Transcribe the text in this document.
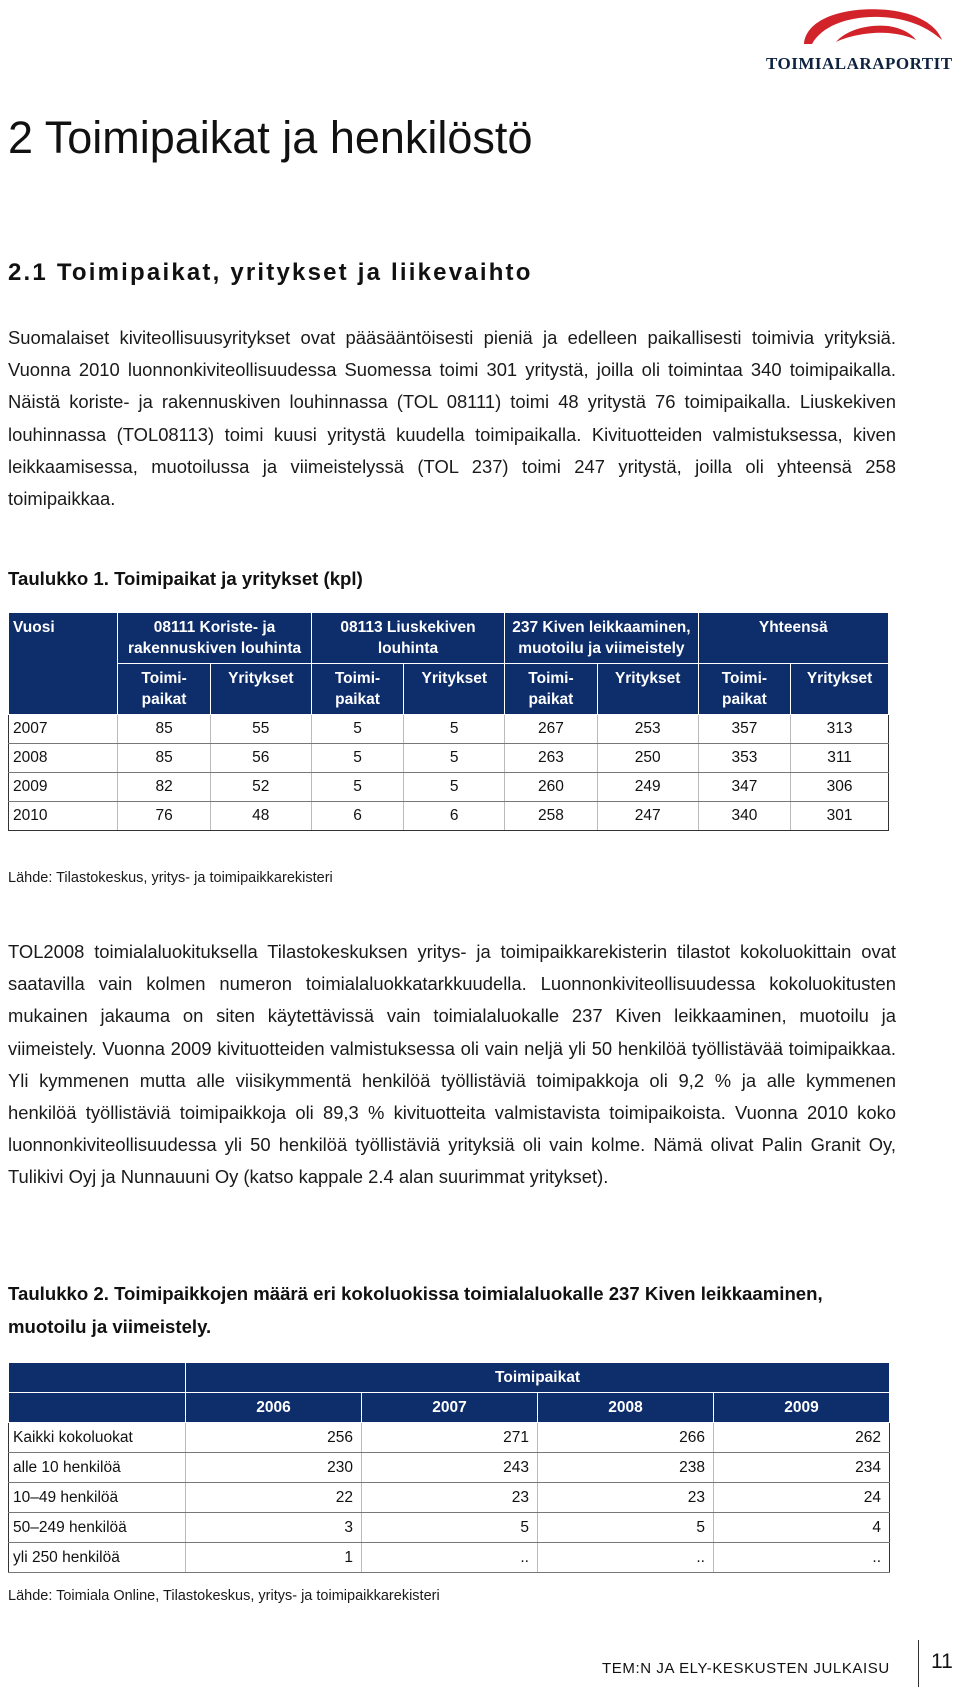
TOIMIALARAPORTIT
2 Toimipaikat ja henkilöstö
2.1 Toimipaikat, yritykset ja liikevaihto

Suomalaiset kiviteollisuusyritykset ovat pääsääntöisesti pieniä ja edelleen paikallisesti toimivia yrityksiä. Vuonna 2010 luonnonkiviteollisuudessa Suomessa toimi 301 yritystä, joilla oli toimintaa 340 toimipaikalla. Näistä koriste- ja rakennuskiven louhinnassa (TOL 08111) toimi 48 yritystä 76 toimipaikalla. Liuskekiven louhinnassa (TOL08113) toimi kuusi yritystä kuudella toimipaikalla. Kivituotteiden valmistuksessa, kiven leikkaamisessa, muotoilussa ja viimeistelyssä (TOL 237) toimi 247 yritystä, joilla oli yhteensä 258 toimipaikkaa.

Taulukko 1. Toimipaikat ja yritykset (kpl)
Vuosi	08111 Koriste- ja rakennuskiven louhinta		08113 Liuskekiven louhinta		237 Kiven leikkaaminen, muotoilu ja viimeistely		Yhteensä	
	Toimi-paikat	Yritykset	Toimi-paikat	Yritykset	Toimi-paikat	Yritykset	Toimi-paikat	Yritykset
2007	85	55	5	5	267	253	357	313
2008	85	56	5	5	263	250	353	311
2009	82	52	5	5	260	249	347	306
2010	76	48	6	6	258	247	340	301
Lähde: Tilastokeskus, yritys- ja toimipaikkarekisteri

TOL2008 toimialaluokituksella Tilastokeskuksen yritys- ja toimipaikkarekisterin tilastot kokoluokittain ovat saatavilla vain kolmen numeron toimialaluokkatarkkuudella. Luonnonkiviteollisuudessa kokoluokitusten mukainen jakauma on siten käytettävissä vain toimialaluokalle 237 Kiven leikkaaminen, muotoilu ja viimeistely. Vuonna 2009 kivituotteiden valmistuksessa oli vain neljä yli 50 henkilöä työllistävää toimipaikkaa. Yli kymmenen mutta alle viisikymmentä henkilöä työllistäviä toimipakkoja oli 9,2 % ja alle kymmenen henkilöä työllistäviä toimipaikkoja oli 89,3 % kivituotteita valmistavista toimipaikoista. Vuonna 2010 koko luonnonkiviteollisuudessa yli 50 henkilöä työllistäviä yrityksiä oli vain kolme. Nämä olivat Palin Granit Oy, Tulikivi Oyj ja Nunnauuni Oy (katso kappale 2.4 alan suurimmat yritykset).

Taulukko 2. Toimipaikkojen määrä eri kokoluokissa toimialaluokalle 237 Kiven leikkaaminen, muotoilu ja viimeistely.
	Toimipaikat			
	2006	2007	2008	2009
Kaikki kokoluokat	256	271	266	262
alle 10 henkilöä	230	243	238	234
10–49 henkilöä	22	23	23	24
50–249 henkilöä	3	5	5	4
yli 250 henkilöä	1	..	..	..
Lähde: Toimiala Online, Tilastokeskus, yritys- ja toimipaikkarekisteri
TEM:N JA ELY-KESKUSTEN JULKAISU 11
